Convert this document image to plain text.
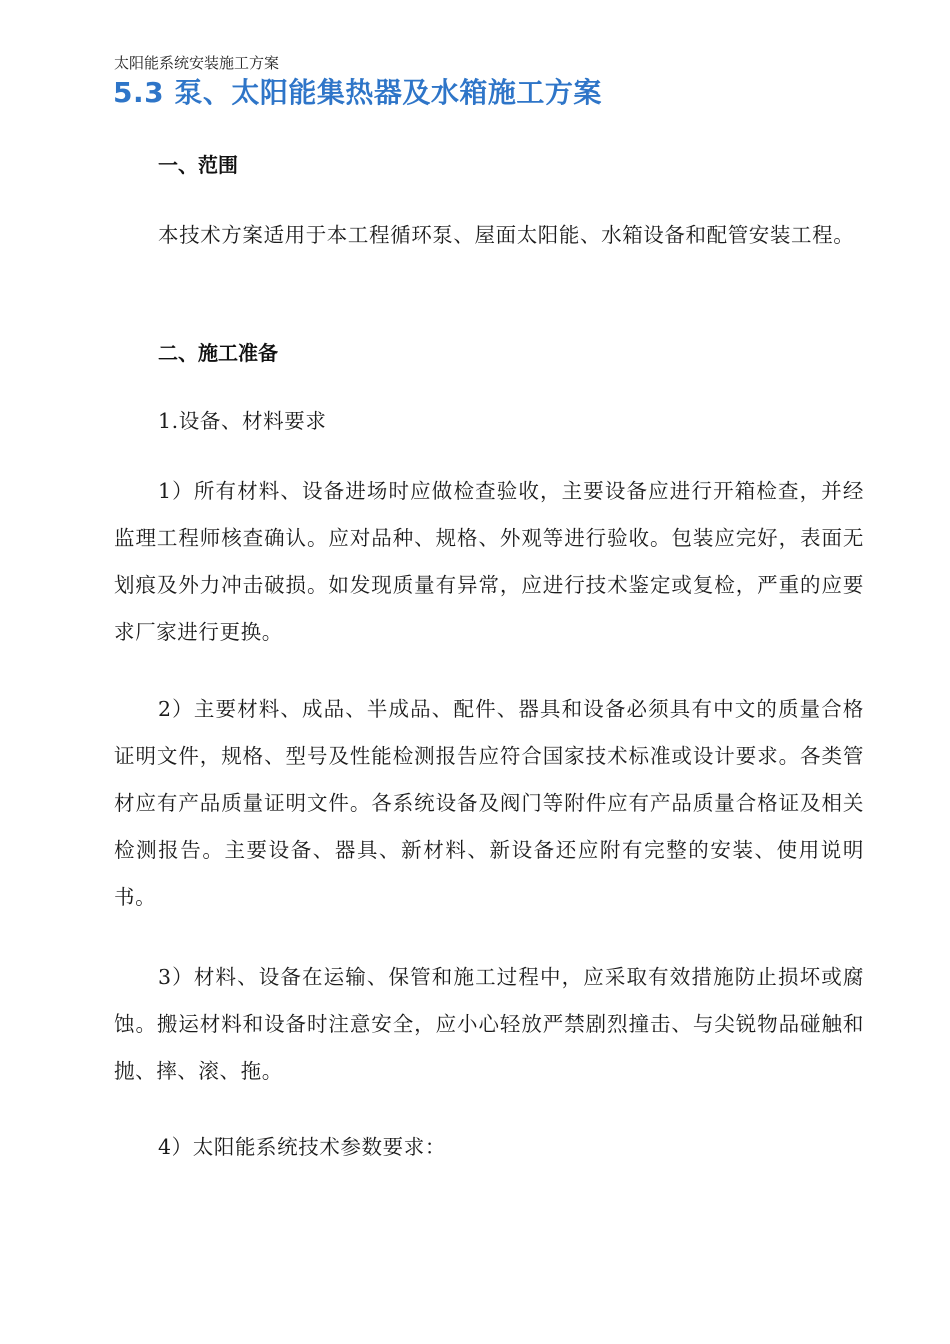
太阳能系统安装施工方案
5.3 泵、太阳能集热器及水箱施工方案
一、范围
本技术方案适用于本工程循环泵、屋面太阳能、水箱设备和配管安装工程。
二、施工准备
1.设备、材料要求
1）所有材料、设备进场时应做检查验收，主要设备应进行开箱检查，并经监理工程师核查确认。应对品种、规格、外观等进行验收。包装应完好，表面无划痕及外力冲击破损。如发现质量有异常，应进行技术鉴定或复检，严重的应要求厂家进行更换。
2）主要材料、成品、半成品、配件、器具和设备必须具有中文的质量合格证明文件，规格、型号及性能检测报告应符合国家技术标准或设计要求。各类管材应有产品质量证明文件。各系统设备及阀门等附件应有产品质量合格证及相关检测报告。主要设备、器具、新材料、新设备还应附有完整的安装、使用说明书。
3）材料、设备在运输、保管和施工过程中，应采取有效措施防止损坏或腐蚀。搬运材料和设备时注意安全，应小心轻放严禁剧烈撞击、与尖锐物品碰触和抛、摔、滚、拖。
4）太阳能系统技术参数要求：
